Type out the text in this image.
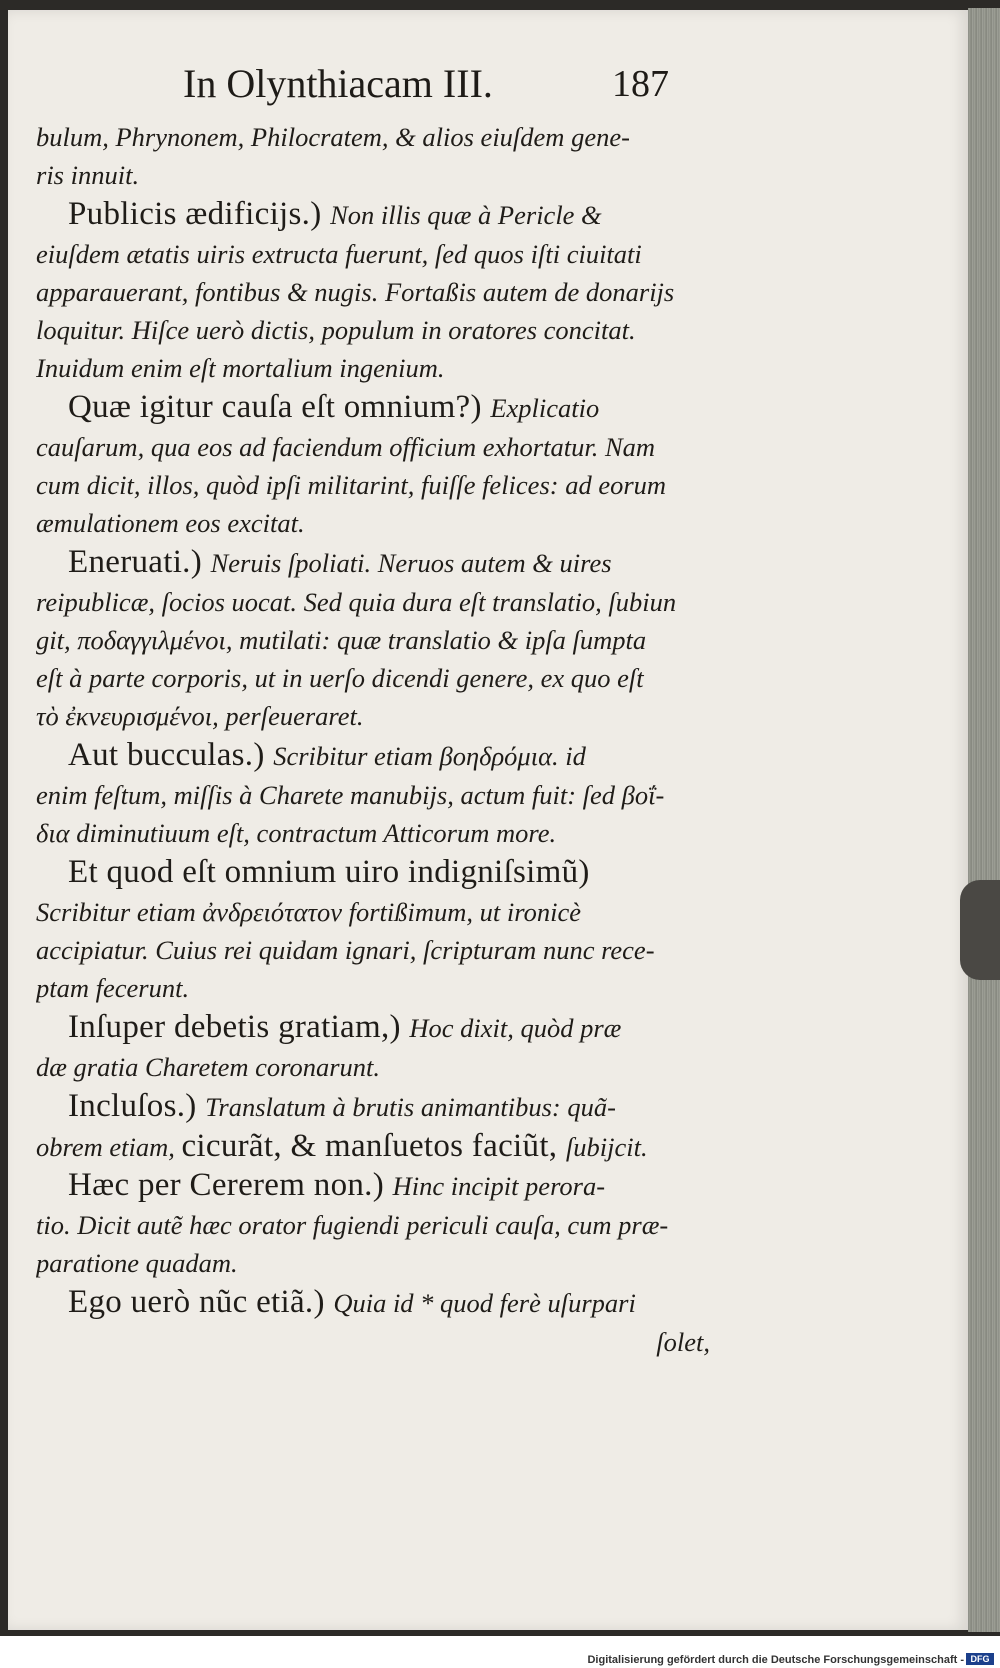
In Olynthiacam III.	187
bulum, Phrynonem, Philocratem, & alios eiuſdem gene-
ris innuit.
Publicis ædificijs.) Non illis quæ à Pericle &
eiuſdem ætatis uiris extructa fuerunt, ſed quos iſti ciuitati
apparauerant, fontibus & nugis. Fortaßis autem de donarijs
loquitur. Hiſce uerò dictis, populum in oratores concitat.
Inuidum enim eſt mortalium ingenium.
Quæ igitur cauſa eſt omnium?) Explicatio
cauſarum, qua eos ad faciendum officium exhortatur. Nam
cum dicit, illos, quòd ipſi militarint, fuiſſe felices: ad eorum
æmulationem eos excitat.
Eneruati.) Neruis ſpoliati. Neruos autem & uires
reipublicæ, ſocios uocat. Sed quia dura eſt translatio, ſubiun
git, ποδαγγιλμένοι, mutilati: quæ translatio & ipſa ſumpta
eſt à parte corporis, ut in uerſo dicendi genere, ex quo eſt
τὸ ἐκνευρισμένοι, perſeueraret.
Aut bucculas.) Scribitur etiam βοηδρόμια. id
enim feſtum, miſſis à Charete manubijs, actum fuit: ſed βοΐ-
δια diminutiuum eſt, contractum Atticorum more.
Et quod eſt omnium uiro indigniſsimũ)
Scribitur etiam ἀνδρειότατον fortißimum, ut ironicè
accipiatur. Cuius rei quidam ignari, ſcripturam nunc rece-
ptam fecerunt.
Inſuper debetis gratiam,) Hoc dixit, quòd præ
dæ gratia Charetem coronarunt.
Incluſos.) Translatum à brutis animantibus: quã-
obrem etiam, cicurãt, & manſuetos faciũt, ſubijcit.
Hæc per Cererem non.) Hinc incipit perora-
tio. Dicit autẽ hæc orator fugiendi periculi cauſa, cum præ-
paratione quadam.
Ego uerò nũc etiã.) Quia id * quod ferè uſurpari
ſolet,
Digitalisierung gefördert durch die Deutsche Forschungsgemeinschaft - DFG
